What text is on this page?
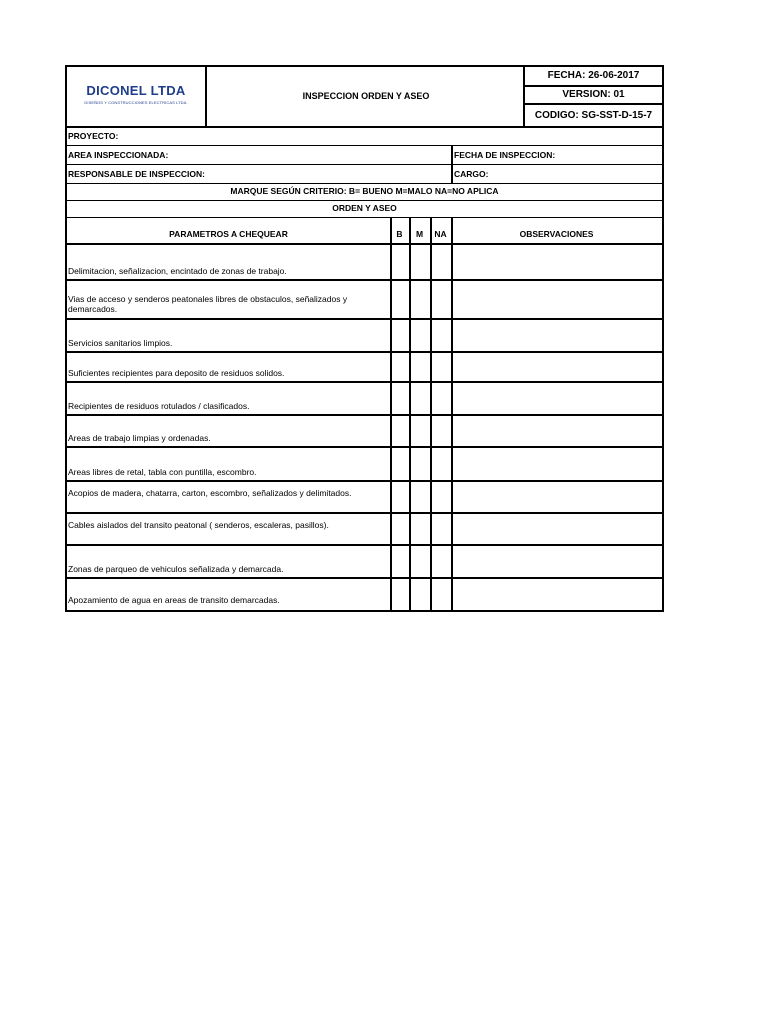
DICONEL LTDA
DISEÑOS Y CONSTRUCCIONES ELECTRICAS LTDA.
INSPECCION ORDEN Y ASEO
FECHA: 26-06-2017
VERSION: 01
CODIGO: SG-SST-D-15-7
PROYECTO:
AREA INSPECCIONADA:	FECHA DE INSPECCION:
RESPONSABLE DE INSPECCION:	CARGO:
MARQUE SEGÚN CRITERIO: B= BUENO M=MALO NA=NO APLICA
ORDEN Y ASEO
PARAMETROS A CHEQUEAR	B	M	NA	OBSERVACIONES
Delimitacion, señalizacion, encintado de zonas de trabajo.
Vias de acceso y senderos peatonales libres de obstaculos, señalizados y demarcados.
Servicios sanitarios limpios.
Suficientes recipientes para deposito de residuos solidos.
Recipientes de residuos rotulados / clasificados.
Areas de trabajo limpias y ordenadas.
Areas libres de retal, tabla con puntilla, escombro.
Acopios de madera, chatarra, carton, escombro, señalizados y delimitados.
Cables aislados del transito peatonal ( senderos, escaleras, pasillos).
Zonas de parqueo de vehiculos señalizada y demarcada.
Apozamiento de agua en areas de transito demarcadas.
